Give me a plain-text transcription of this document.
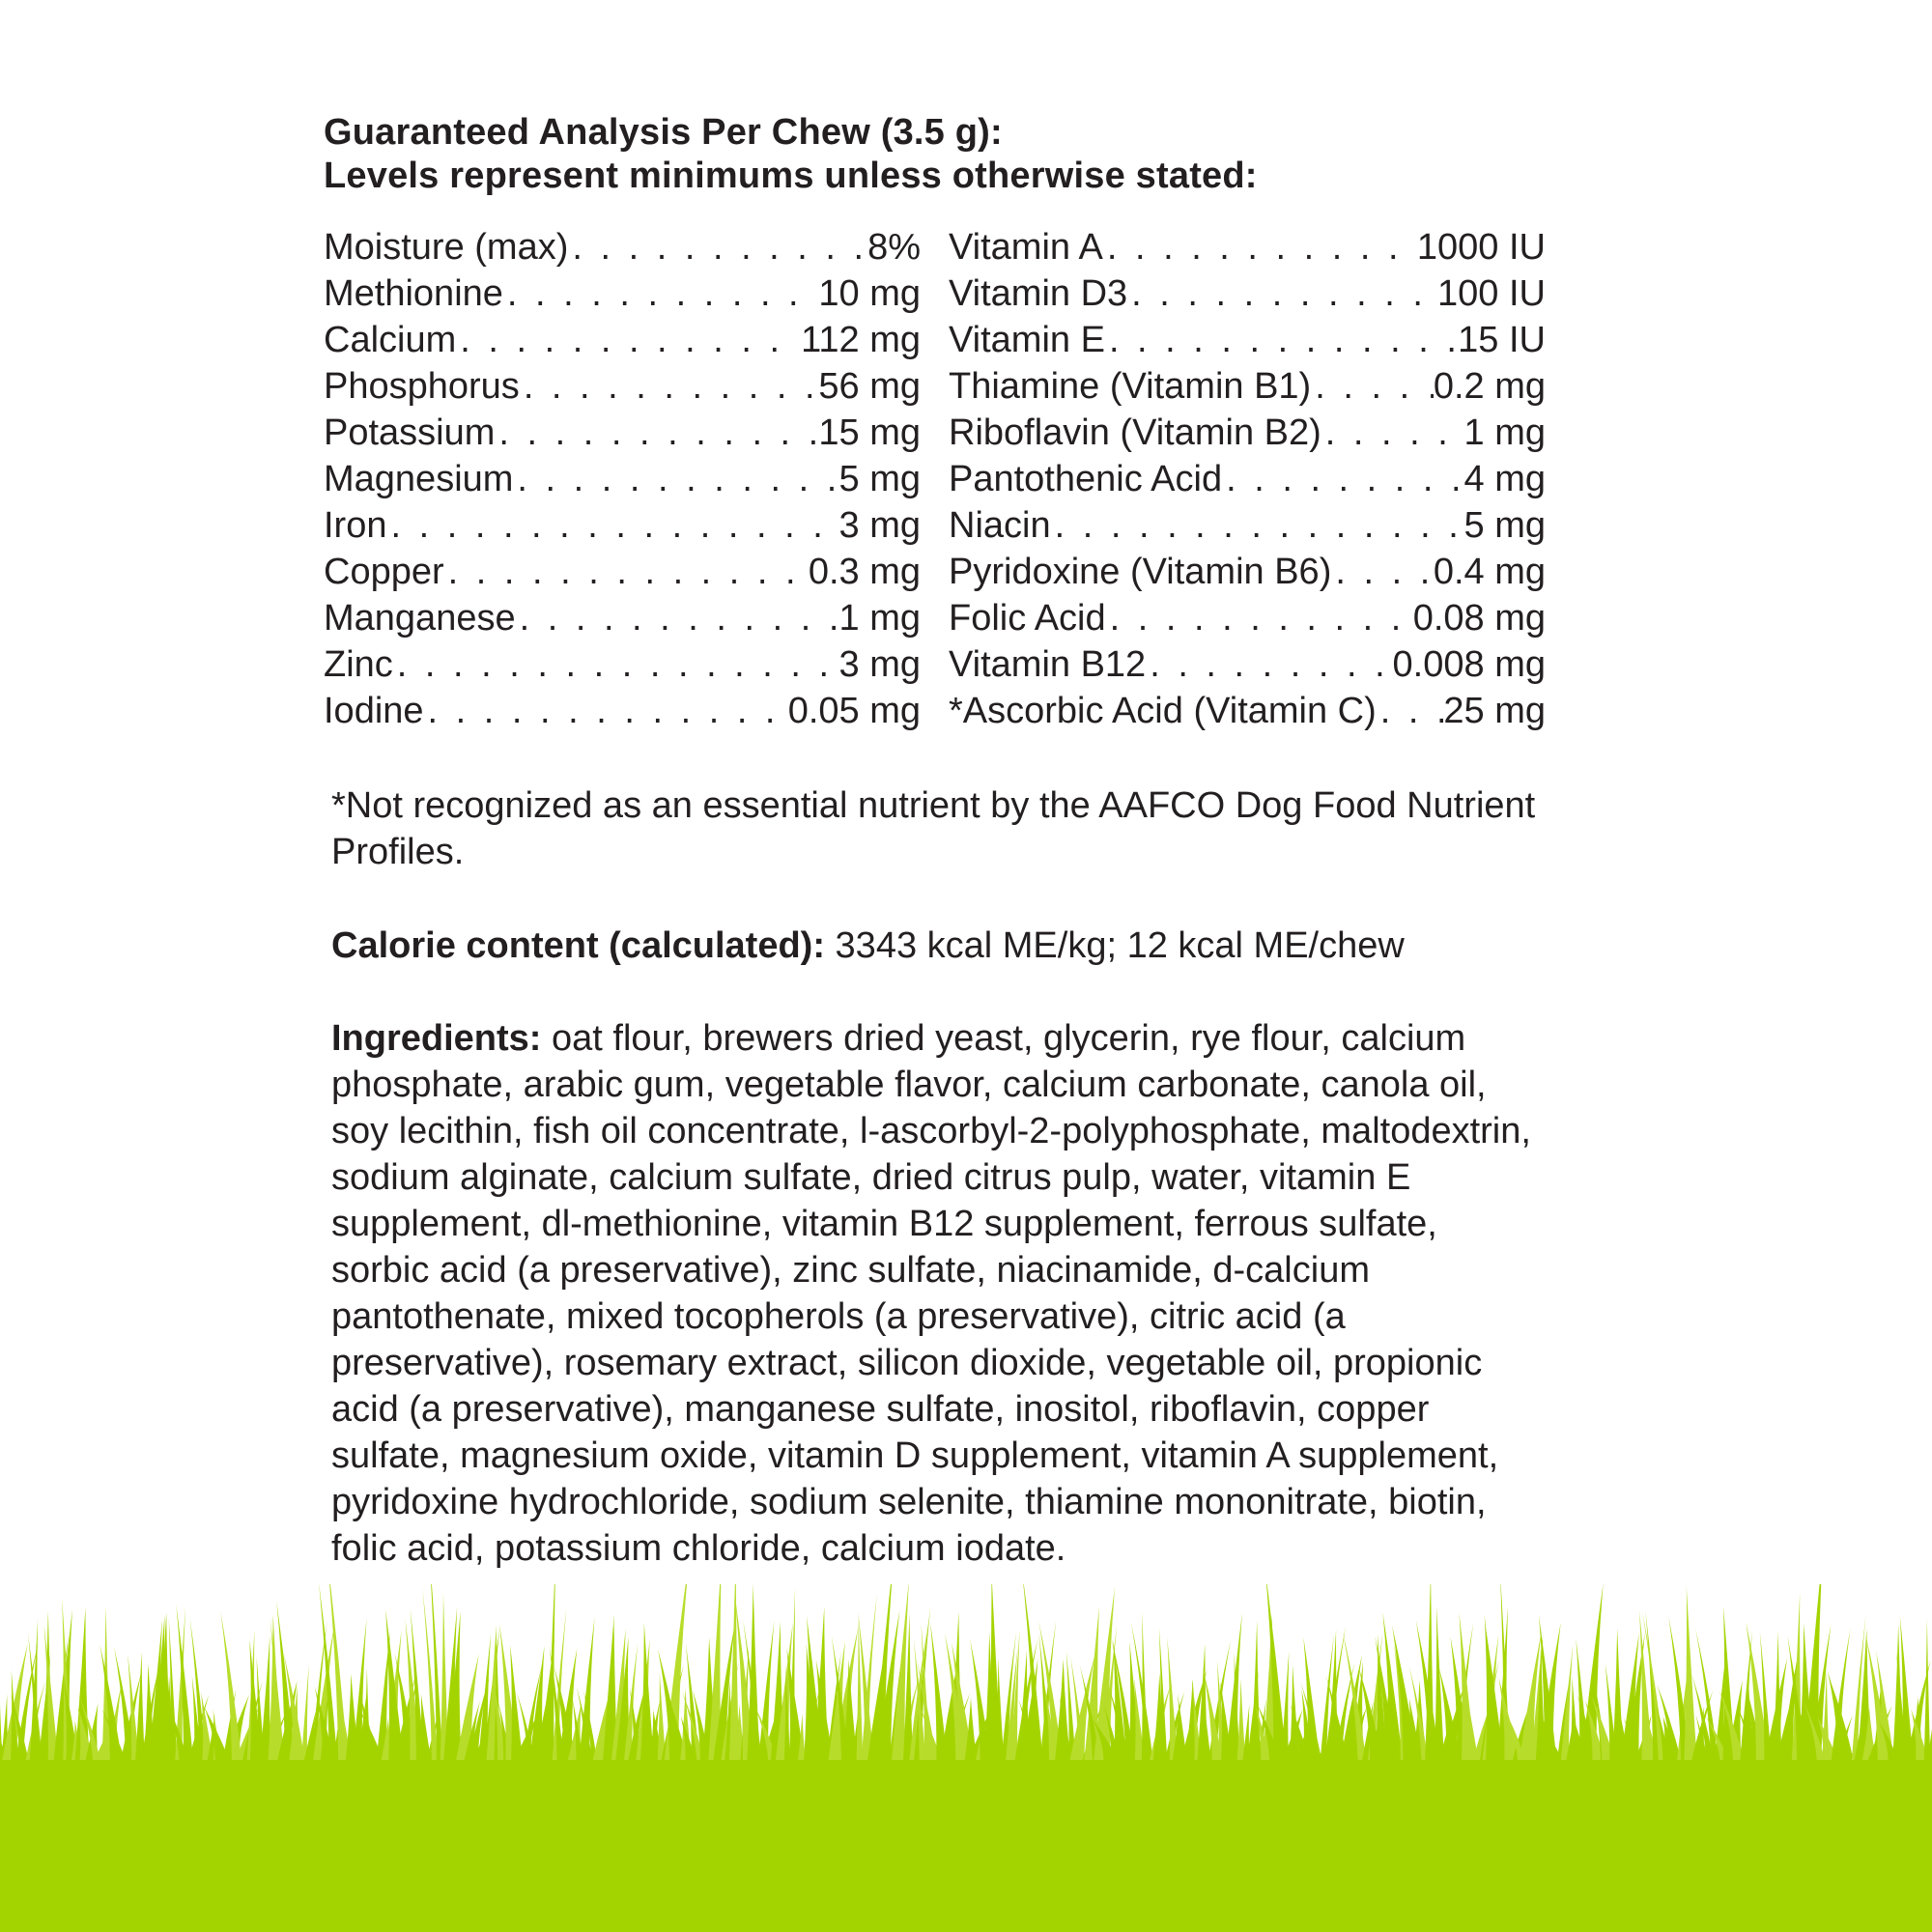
Guaranteed Analysis Per Chew (3.5 g):
Levels represent minimums unless otherwise stated:
Moisture (max) . . .	8%
Methionine . . .	10 mg
Calcium . . .	112 mg
Phosphorus . . .	56 mg
Potassium . . .	15 mg
Magnesium . . .	5 mg
Iron . . .	3 mg
Copper . . .	0.3 mg
Manganese . . .	1 mg
Zinc . . .	3 mg
Iodine . . .	0.05 mg
Vitamin A . . .	1000 IU
Vitamin D3 . . .	100 IU
Vitamin E . . .	15 IU
Thiamine (Vitamin B1) . . .	0.2 mg
Riboflavin (Vitamin B2) . . .	1 mg
Pantothenic Acid . . .	4 mg
Niacin . . .	5 mg
Pyridoxine (Vitamin B6) . . .	0.4 mg
Folic Acid . . .	0.08 mg
Vitamin B12 . . .	0.008 mg
*Ascorbic Acid (Vitamin C) . . . 25 mg
*Not recognized as an essential nutrient by the AAFCO Dog Food Nutrient Profiles.
Calorie content (calculated): 3343 kcal ME/kg; 12 kcal ME/chew
Ingredients: oat flour, brewers dried yeast, glycerin, rye flour, calcium phosphate, arabic gum, vegetable flavor, calcium carbonate, canola oil, soy lecithin, fish oil concentrate, l-ascorbyl-2-polyphosphate, maltodextrin, sodium alginate, calcium sulfate, dried citrus pulp, water, vitamin E supplement, dl-methionine, vitamin B12 supplement, ferrous sulfate, sorbic acid (a preservative), zinc sulfate, niacinamide, d-calcium pantothenate, mixed tocopherols (a preservative), citric acid (a preservative), rosemary extract, silicon dioxide, vegetable oil, propionic acid (a preservative), manganese sulfate, inositol, riboflavin, copper sulfate, magnesium oxide, vitamin D supplement, vitamin A supplement, pyridoxine hydrochloride, sodium selenite, thiamine mononitrate, biotin, folic acid, potassium chloride, calcium iodate.
